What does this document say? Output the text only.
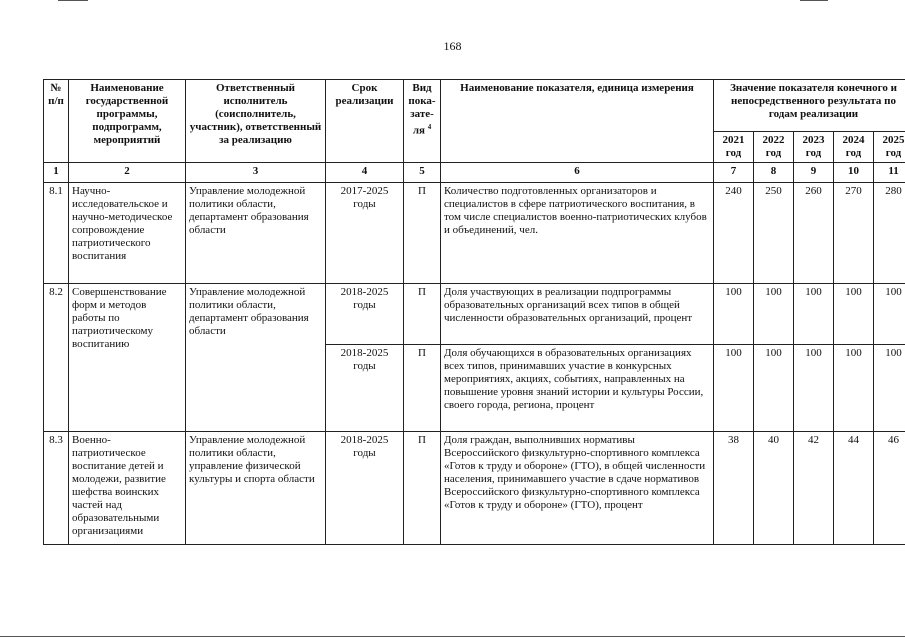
168
№ п/п	Наименование государственной программы, подпрограмм, мероприятий	Ответственный исполнитель (соисполнитель, участник), ответственный за реализацию	Срок реализации	Вид пока-зате-ля $^4$	Наименование показателя, единица измерения	Значение показателя конечного и непосредственного результата по годам реализации				
						2021 год	2022 год	2023 год	2024 год	2025 год
1	2	3	4	5	6	7	8	9	10	11
8.1	Научно-исследовательское и научно-методическое сопровождение патриотического воспитания	Управление молодежной политики области, департамент образования области	2017-2025 годы	П	Количество подготовленных организаторов и специалистов в сфере патриотического воспитания, в том числе специалистов военно-патриотических клубов и объединений, чел.	240	250	260	270	280
8.2	Совершенствование форм и методов работы по патриотическому воспитанию	Управление молодежной политики области, департамент образования области	2018-2025 годы	П	Доля участвующих в реализации подпрограммы образовательных организаций всех типов в общей численности образовательных организаций, процент	100	100	100	100	100
			2018-2025 годы	П	Доля обучающихся в образовательных организациях всех типов, принимавших участие в конкурсных мероприятиях, акциях, событиях, направленных на повышение уровня знаний истории и культуры России, своего города, региона, процент	100	100	100	100	100
8.3	Военно-патриотическое воспитание детей и молодежи, развитие шефства воинских частей над образовательными организациями	Управление молодежной политики области, управление физической культуры и спорта области	2018-2025 годы	П	Доля граждан, выполнивших нормативы Всероссийского физкультурно-спортивного комплекса «Готов к труду и обороне» (ГТО), в общей численности населения, принимавшего участие в сдаче нормативов Всероссийского физкультурно-спортивного комплекса «Готов к труду и обороне» (ГТО), процент	38	40	42	44	46
